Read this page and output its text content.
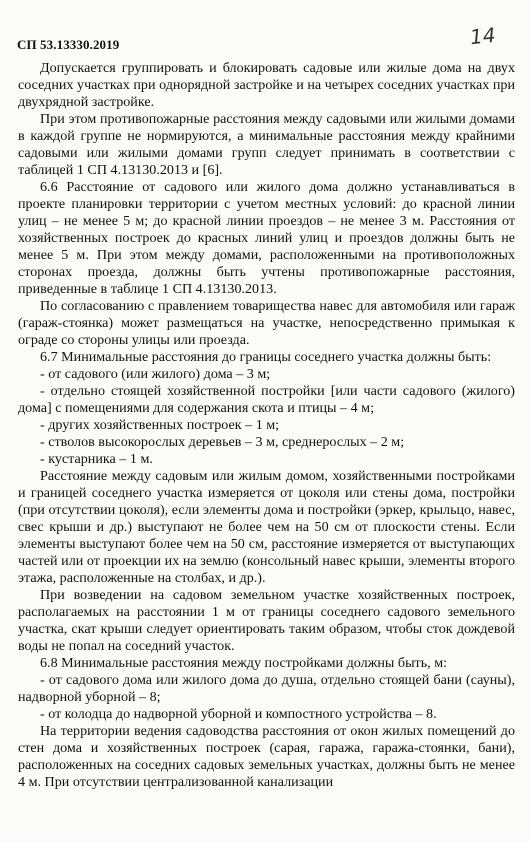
СП 53.13330.2019	14

Допускается группировать и блокировать садовые или жилые дома на двух соседних участках при однорядной застройке и на четырех соседних участках при двухрядной застройке.

При этом противопожарные расстояния между садовыми или жилыми домами в каждой группе не нормируются, а минимальные расстояния между крайними садовыми или жилыми домами групп следует принимать в соответствии с таблицей 1 СП 4.13130.2013 и [6].

6.6 Расстояние от садового или жилого дома должно устанавливаться в проекте планировки территории с учетом местных условий: до красной линии улиц – не менее 5 м; до красной линии проездов – не менее 3 м. Расстояния от хозяйственных построек до красных линий улиц и проездов должны быть не менее 5 м. При этом между домами, расположенными на противоположных сторонах проезда, должны быть учтены противопожарные расстояния, приведенные в таблице 1 СП 4.13130.2013.

По согласованию с правлением товарищества навес для автомобиля или гараж (гараж-стоянка) может размещаться на участке, непосредственно примыкая к ограде со стороны улицы или проезда.

6.7 Минимальные расстояния до границы соседнего участка должны быть:

- от садового (или жилого) дома – 3 м;

- отдельно стоящей хозяйственной постройки [или части садового (жилого) дома] с помещениями для содержания скота и птицы – 4 м;

- других хозяйственных построек – 1 м;

- стволов высокорослых деревьев – 3 м, среднерослых – 2 м;

- кустарника – 1 м.

Расстояние между садовым или жилым домом, хозяйственными постройками и границей соседнего участка измеряется от цоколя или стены дома, постройки (при отсутствии цоколя), если элементы дома и постройки (эркер, крыльцо, навес, свес крыши и др.) выступают не более чем на 50 см от плоскости стены. Если элементы выступают более чем на 50 см, расстояние измеряется от выступающих частей или от проекции их на землю (консольный навес крыши, элементы второго этажа, расположенные на столбах, и др.).

При возведении на садовом земельном участке хозяйственных построек, располагаемых на расстоянии 1 м от границы соседнего садового земельного участка, скат крыши следует ориентировать таким образом, чтобы сток дождевой воды не попал на соседний участок.

6.8 Минимальные расстояния между постройками должны быть, м:

- от садового дома или жилого дома до душа, отдельно стоящей бани (сауны), надворной уборной – 8;

- от колодца до надворной уборной и компостного устройства – 8.

На территории ведения садоводства расстояния от окон жилых помещений до стен дома и хозяйственных построек (сарая, гаража, гаража-стоянки, бани), расположенных на соседних садовых земельных участках, должны быть не менее 4 м. При отсутствии централизованной канализации
